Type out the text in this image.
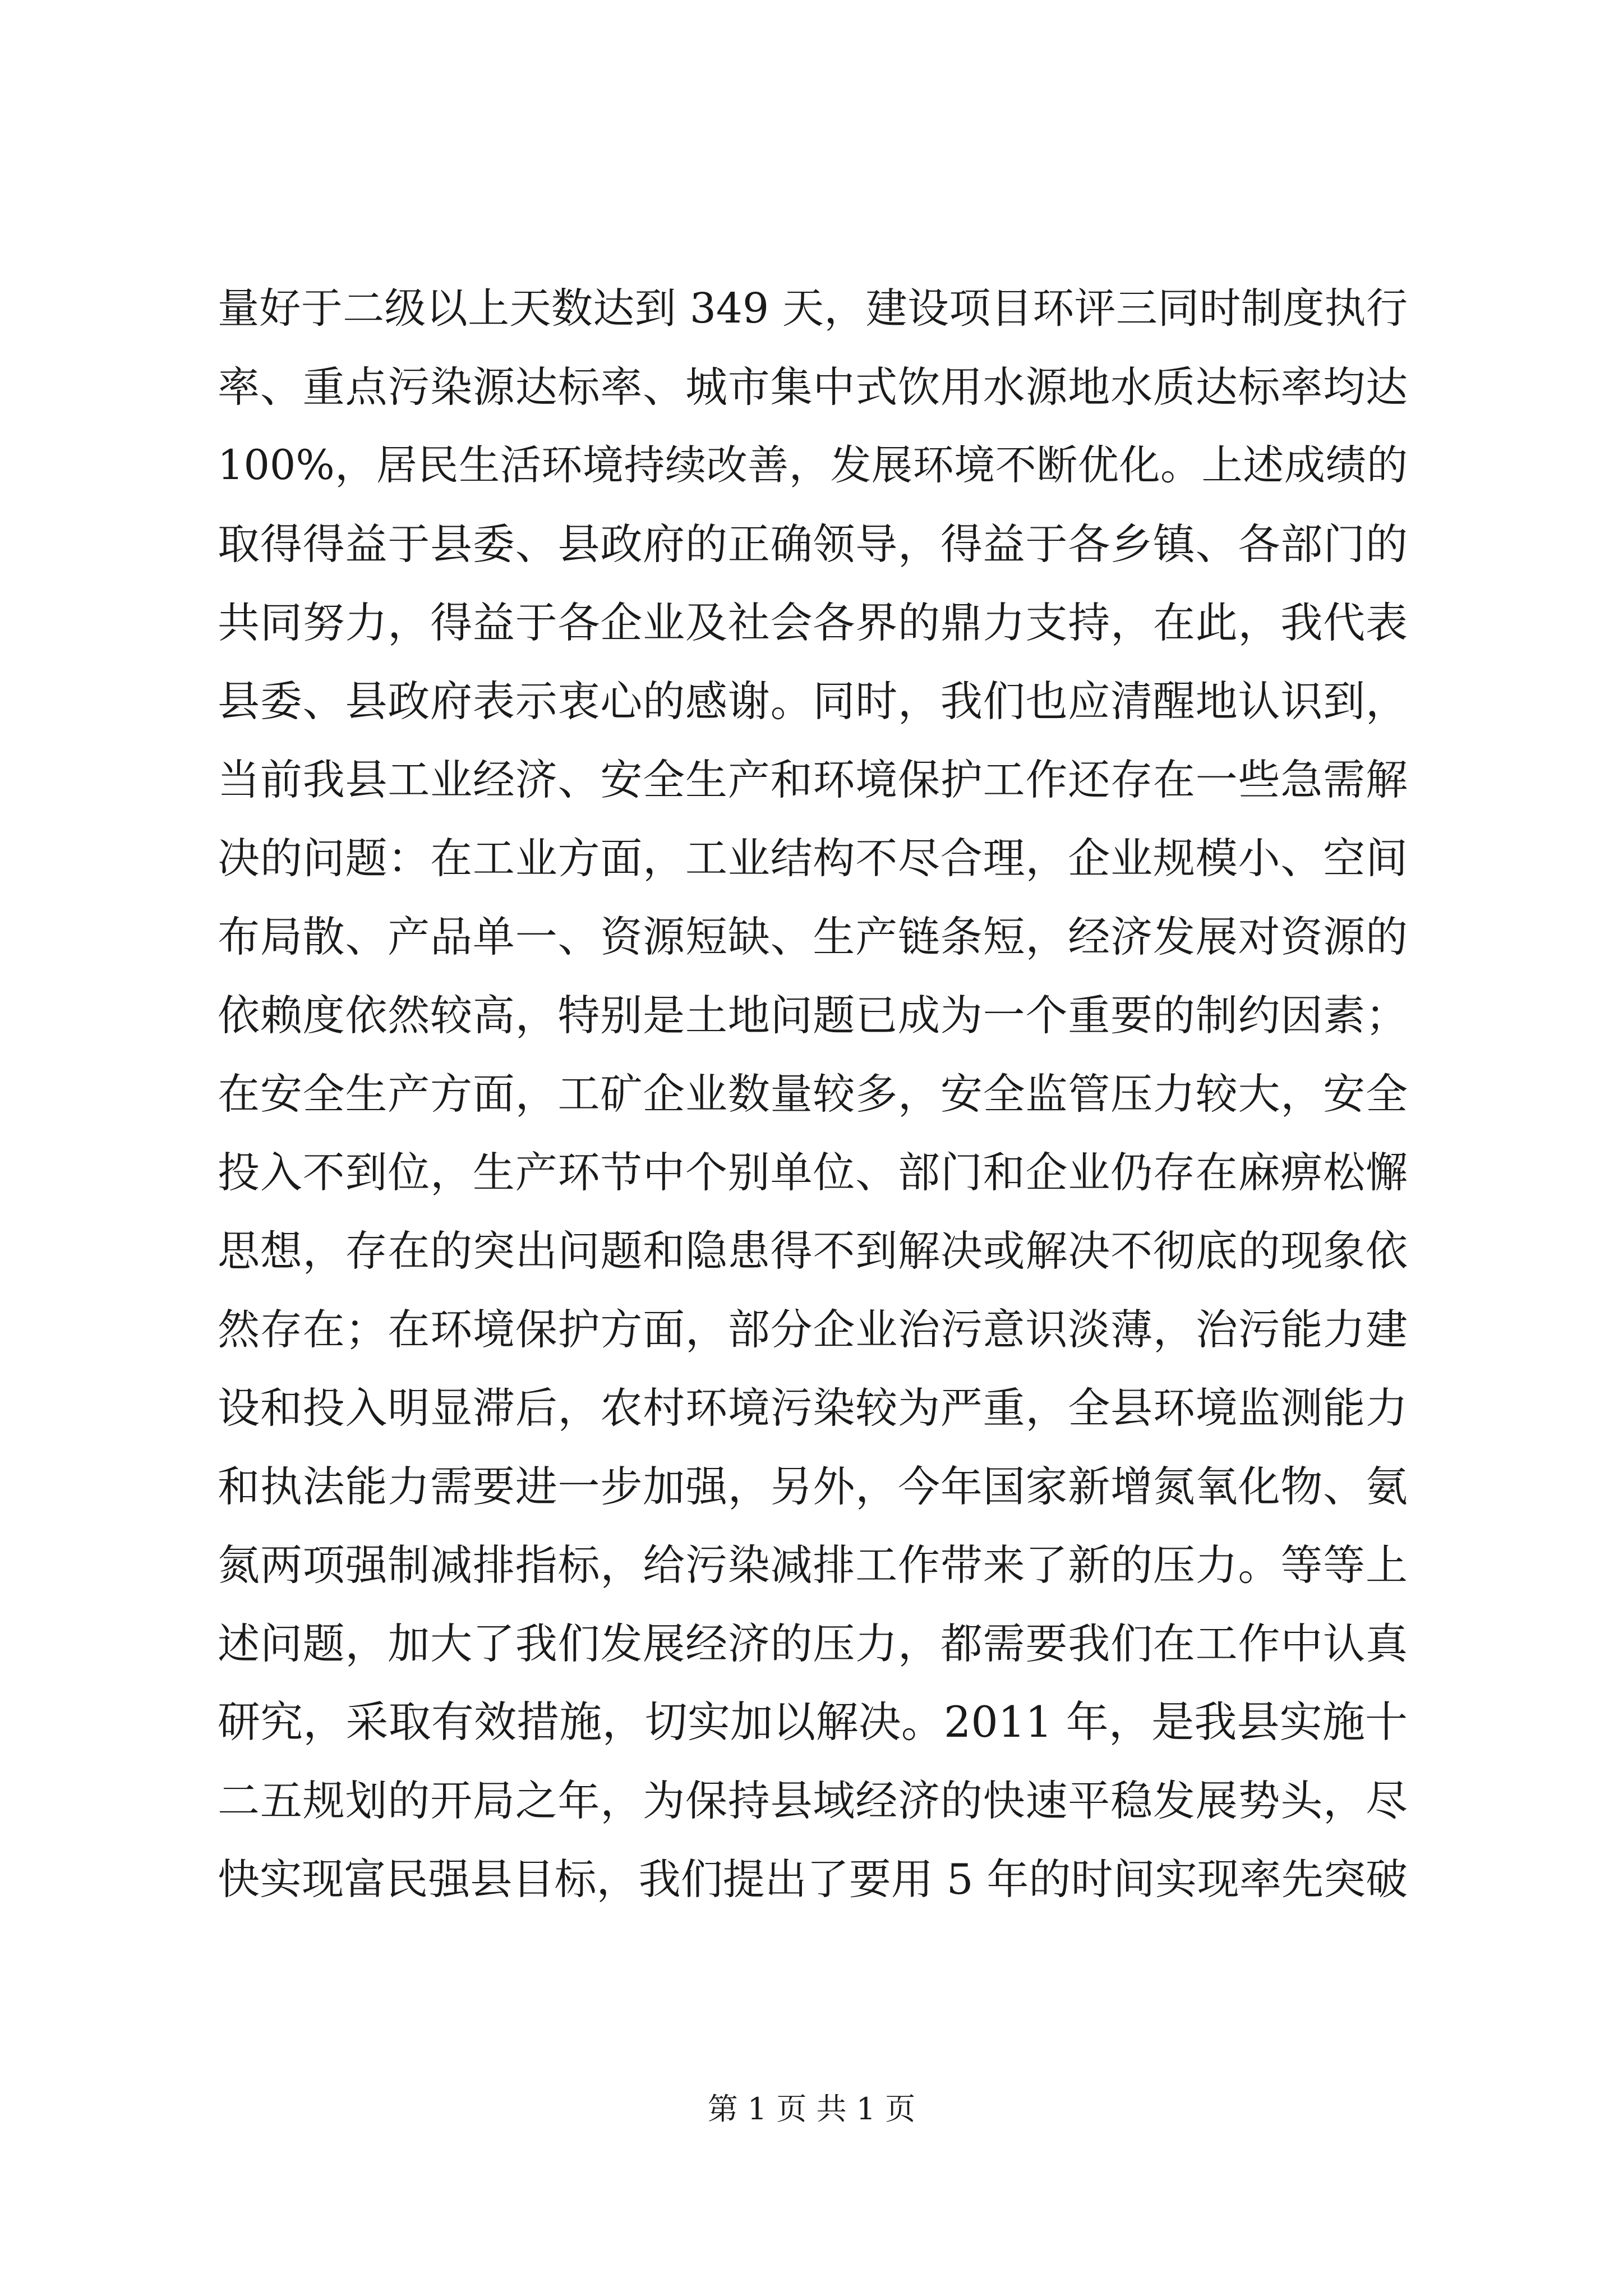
量好于二级以上天数达到 349 天，建设项目环评三同时制度执行
率、重点污染源达标率、城市集中式饮用水源地水质达标率均达
100%，居民生活环境持续改善，发展环境不断优化。上述成绩的
取得得益于县委、县政府的正确领导，得益于各乡镇、各部门的
共同努力，得益于各企业及社会各界的鼎力支持，在此，我代表
县委、县政府表示衷心的感谢。同时，我们也应清醒地认识到，
当前我县工业经济、安全生产和环境保护工作还存在一些急需解
决的问题：在工业方面，工业结构不尽合理，企业规模小、空间
布局散、产品单一、资源短缺、生产链条短，经济发展对资源的
依赖度依然较高，特别是土地问题已成为一个重要的制约因素；
在安全生产方面，工矿企业数量较多，安全监管压力较大，安全
投入不到位，生产环节中个别单位、部门和企业仍存在麻痹松懈
思想，存在的突出问题和隐患得不到解决或解决不彻底的现象依
然存在；在环境保护方面，部分企业治污意识淡薄，治污能力建
设和投入明显滞后，农村环境污染较为严重，全县环境监测能力
和执法能力需要进一步加强，另外，今年国家新增氮氧化物、氨
氮两项强制减排指标，给污染减排工作带来了新的压力。等等上
述问题，加大了我们发展经济的压力，都需要我们在工作中认真
研究，采取有效措施，切实加以解决。2011 年，是我县实施十
二五规划的开局之年，为保持县域经济的快速平稳发展势头，尽
快实现富民强县目标，我们提出了要用 5 年的时间实现率先突破
第 1 页 共 1 页
